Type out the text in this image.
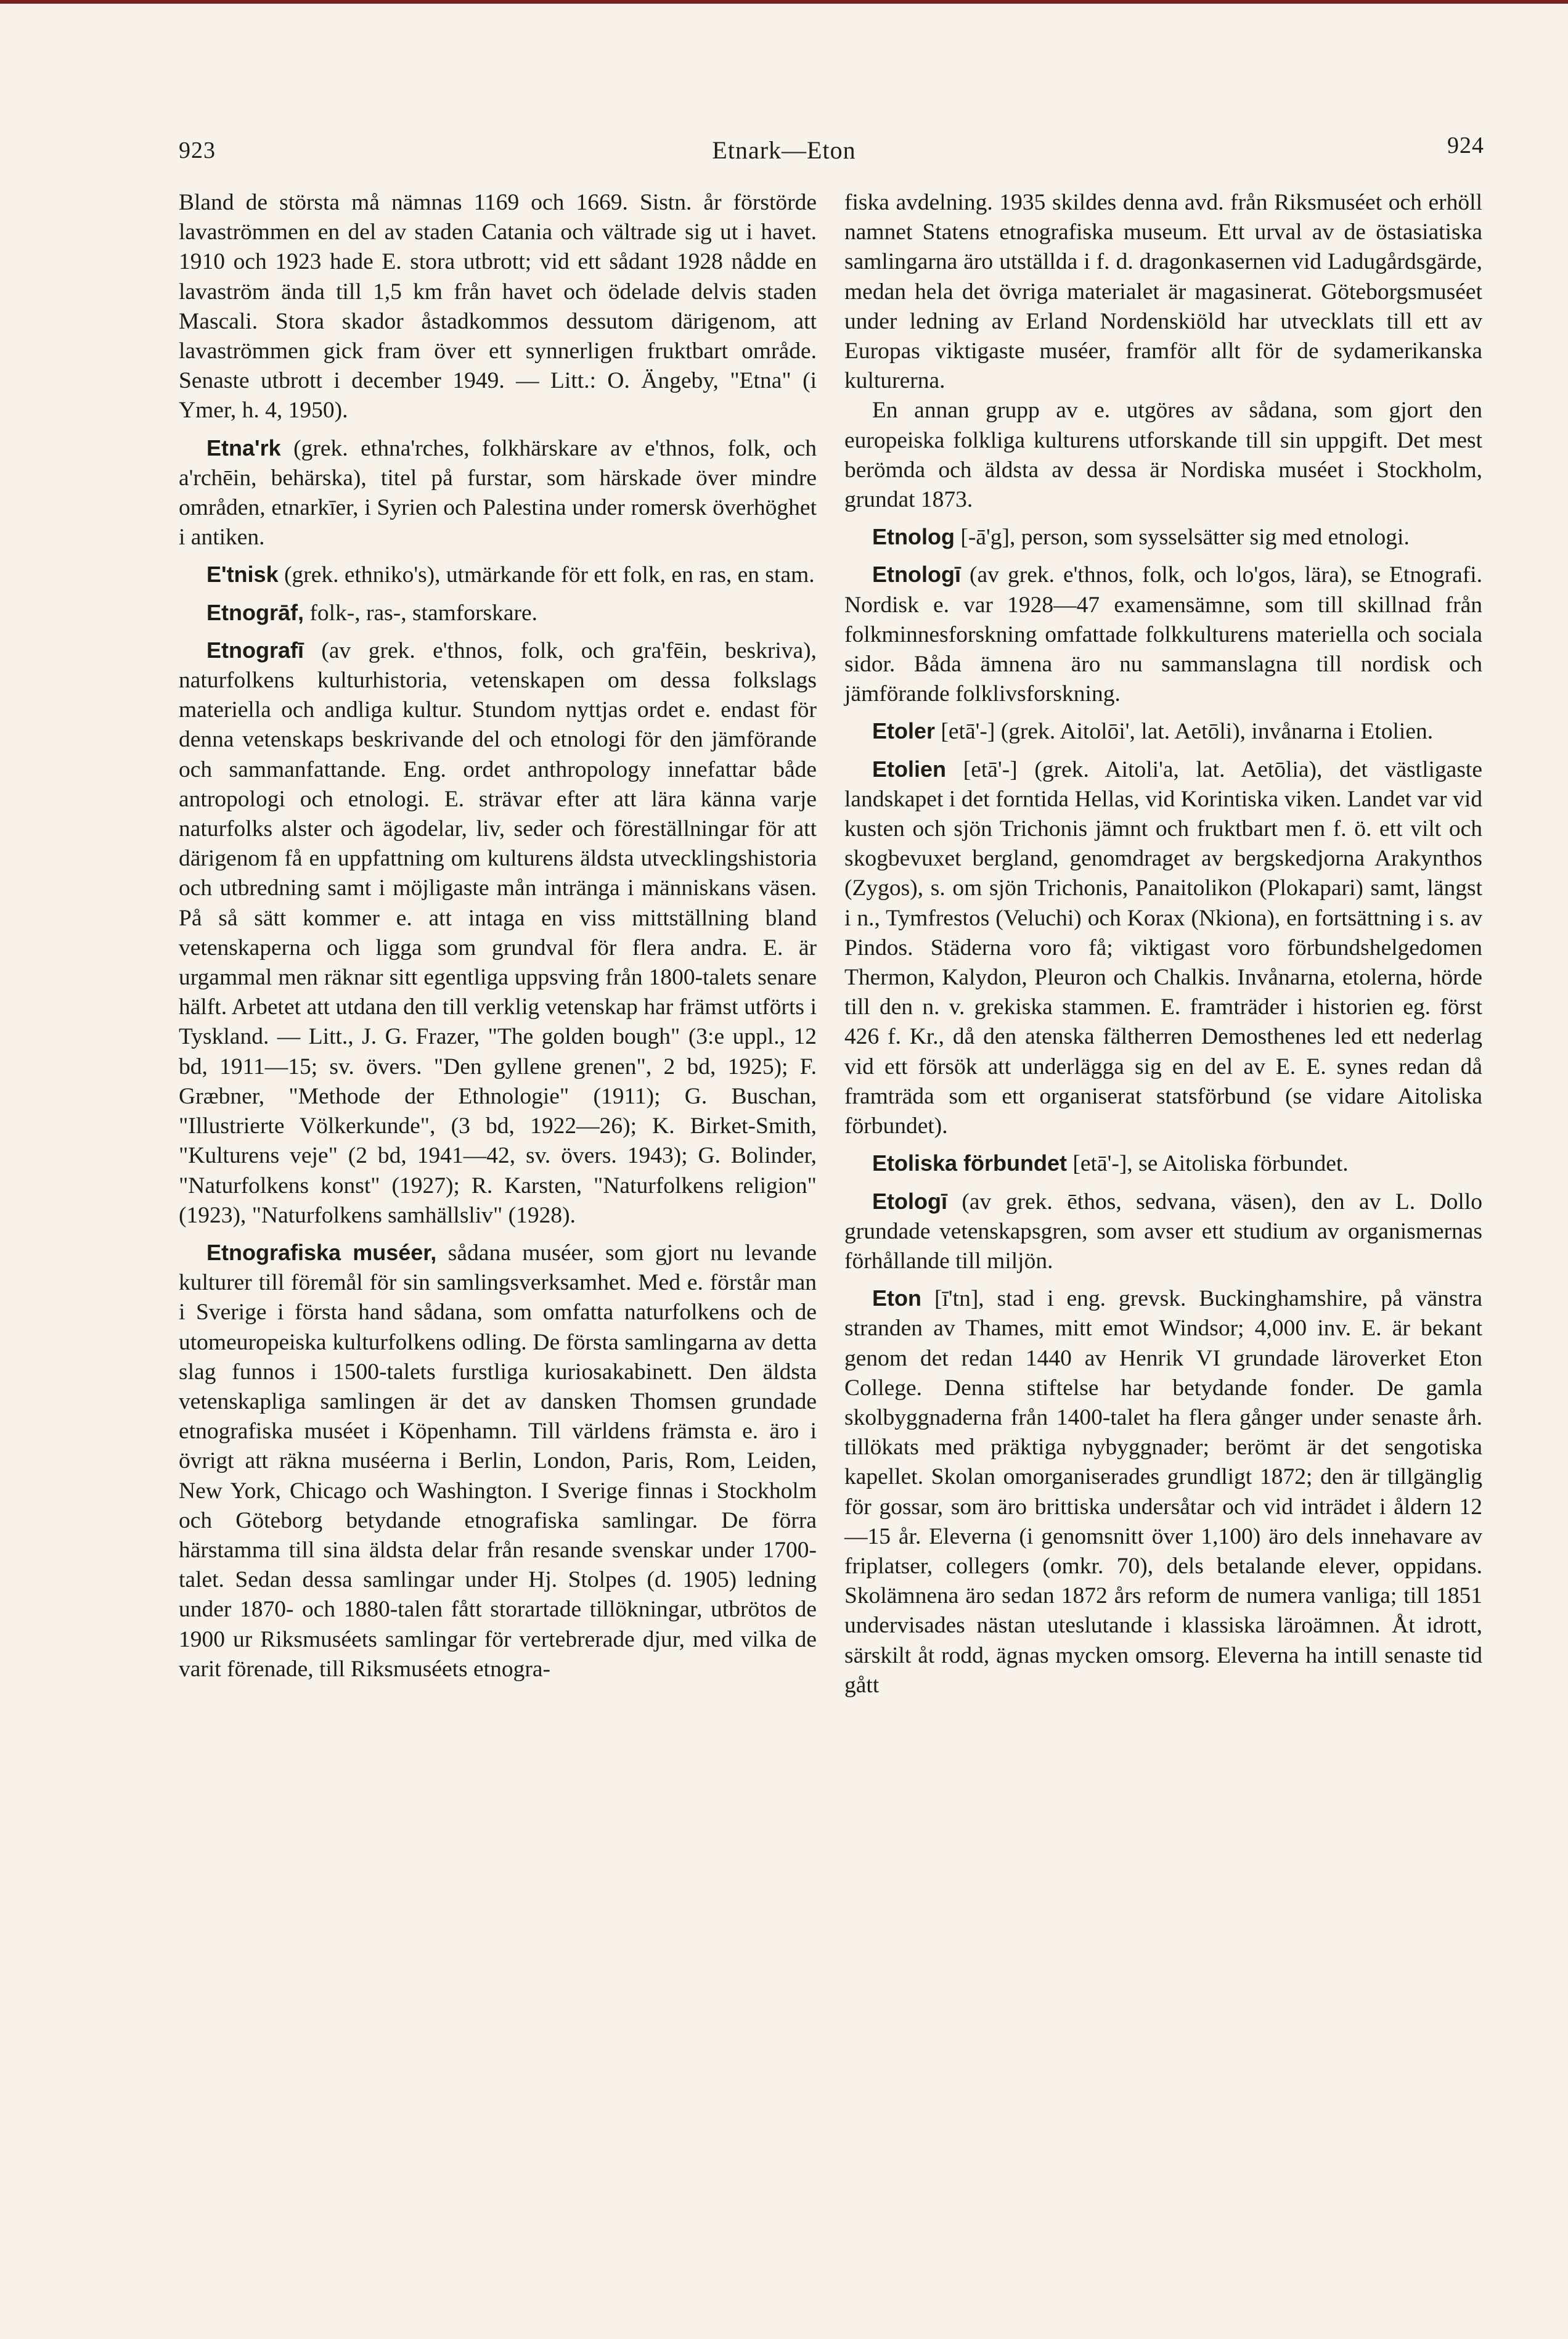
923	Etnark—Eton	924

Bland de största må nämnas 1169 och 1669. Sistn. år förstörde lavaströmmen en del av staden Catania och vältrade sig ut i havet. 1910 och 1923 hade E. stora utbrott; vid ett sådant 1928 nådde en lavaström ända till 1,5 km från havet och ödelade delvis staden Mascali. Stora skador åstadkommos dessutom därigenom, att lavaströmmen gick fram över ett synnerligen fruktbart område. Senaste utbrott i december 1949. — Litt.: O. Ängeby, "Etna" (i Ymer, h. 4, 1950).

Etna'rk (grek. ethna'rches, folkhärskare av e'thnos, folk, och a'rchēin, behärska), titel på furstar, som härskade över mindre områden, etnarkīer, i Syrien och Palestina under romersk överhöghet i antiken.

E'tnisk (grek. ethniko's), utmärkande för ett folk, en ras, en stam.

Etnogrāf, folk-, ras-, stamforskare.

Etnografī (av grek. e'thnos, folk, och gra'fēin, beskriva), naturfolkens kulturhistoria, vetenskapen om dessa folkslags materiella och andliga kultur. Stundom nyttjas ordet e. endast för denna vetenskaps beskrivande del och etnologi för den jämförande och sammanfattande. Eng. ordet anthropology innefattar både antropologi och etnologi. E. strävar efter att lära känna varje naturfolks alster och ägodelar, liv, seder och föreställningar för att därigenom få en uppfattning om kulturens äldsta utvecklingshistoria och utbredning samt i möjligaste mån intränga i människans väsen. På så sätt kommer e. att intaga en viss mittställning bland vetenskaperna och ligga som grundval för flera andra. E. är urgammal men räknar sitt egentliga uppsving från 1800-talets senare hälft. Arbetet att utdana den till verklig vetenskap har främst utförts i Tyskland. — Litt., J. G. Frazer, "The golden bough" (3:e uppl., 12 bd, 1911—15; sv. övers. "Den gyllene grenen", 2 bd, 1925); F. Græbner, "Methode der Ethnologie" (1911); G. Buschan, "Illustrierte Völkerkunde", (3 bd, 1922—26); K. Birket-Smith, "Kulturens veje" (2 bd, 1941—42, sv. övers. 1943); G. Bolinder, "Naturfolkens konst" (1927); R. Karsten, "Naturfolkens religion" (1923), "Naturfolkens samhällsliv" (1928).

Etnografiska muséer, sådana muséer, som gjort nu levande kulturer till föremål för sin samlingsverksamhet. Med e. förstår man i Sverige i första hand sådana, som omfatta naturfolkens och de utomeuropeiska kulturfolkens odling. De första samlingarna av detta slag funnos i 1500-talets furstliga kuriosakabinett. Den äldsta vetenskapliga samlingen är det av dansken Thomsen grundade etnografiska muséet i Köpenhamn. Till världens främsta e. äro i övrigt att räkna muséerna i Berlin, London, Paris, Rom, Leiden, New York, Chicago och Washington. I Sverige finnas i Stockholm och Göteborg betydande etnografiska samlingar. De förra härstamma till sina äldsta delar från resande svenskar under 1700-talet. Sedan dessa samlingar under Hj. Stolpes (d. 1905) ledning under 1870- och 1880-talen fått storartade tillökningar, utbrötos de 1900 ur Riksmuséets samlingar för vertebrerade djur, med vilka de varit förenade, till Riksmuséets etnogra-

fiska avdelning. 1935 skildes denna avd. från Riksmuséet och erhöll namnet Statens etnografiska museum. Ett urval av de östasiatiska samlingarna äro utställda i f. d. dragonkasernen vid Ladugårdsgärde, medan hela det övriga materialet är magasinerat. Göteborgsmuséet under ledning av Erland Nordenskiöld har utvecklats till ett av Europas viktigaste muséer, framför allt för de sydamerikanska kulturerna.

En annan grupp av e. utgöres av sådana, som gjort den europeiska folkliga kulturens utforskande till sin uppgift. Det mest berömda och äldsta av dessa är Nordiska muséet i Stockholm, grundat 1873.

Etnolog [-ā'g], person, som sysselsätter sig med etnologi.

Etnologī (av grek. e'thnos, folk, och lo'gos, lära), se Etnografi. Nordisk e. var 1928—47 examensämne, som till skillnad från folkminnesforskning omfattade folkkulturens materiella och sociala sidor. Båda ämnena äro nu sammanslagna till nordisk och jämförande folklivsforskning.

Etoler [etā'-] (grek. Aitolōi', lat. Aetōli), invånarna i Etolien.

Etolien [etā'-] (grek. Aitoli'a, lat. Aetōlia), det västligaste landskapet i det forntida Hellas, vid Korintiska viken. Landet var vid kusten och sjön Trichonis jämnt och fruktbart men f. ö. ett vilt och skogbevuxet bergland, genomdraget av bergskedjorna Arakynthos (Zygos), s. om sjön Trichonis, Panaitolikon (Plokapari) samt, längst i n., Tymfrestos (Veluchi) och Korax (Nkiona), en fortsättning i s. av Pindos. Städerna voro få; viktigast voro förbundshelgedomen Thermon, Kalydon, Pleuron och Chalkis. Invånarna, etolerna, hörde till den n. v. grekiska stammen. E. framträder i historien eg. först 426 f. Kr., då den atenska fältherren Demosthenes led ett nederlag vid ett försök att underlägga sig en del av E. E. synes redan då framträda som ett organiserat statsförbund (se vidare Aitoliska förbundet).

Etoliska förbundet [etā'-], se Aitoliska förbundet.

Etologī (av grek. ēthos, sedvana, väsen), den av L. Dollo grundade vetenskapsgren, som avser ett studium av organismernas förhållande till miljön.

Eton [ī'tn], stad i eng. grevsk. Buckinghamshire, på vänstra stranden av Thames, mitt emot Windsor; 4,000 inv. E. är bekant genom det redan 1440 av Henrik VI grundade läroverket Eton College. Denna stiftelse har betydande fonder. De gamla skolbyggnaderna från 1400-talet ha flera gånger under senaste årh. tillökats med präktiga nybyggnader; berömt är det sengotiska kapellet. Skolan omorganiserades grundligt 1872; den är tillgänglig för gossar, som äro brittiska undersåtar och vid inträdet i åldern 12—15 år. Eleverna (i genomsnitt över 1,100) äro dels innehavare av friplatser, collegers (omkr. 70), dels betalande elever, oppidans. Skolämnena äro sedan 1872 års reform de numera vanliga; till 1851 undervisades nästan uteslutande i klassiska läroämnen. Åt idrott, särskilt åt rodd, ägnas mycken omsorg. Eleverna ha intill senaste tid gått
